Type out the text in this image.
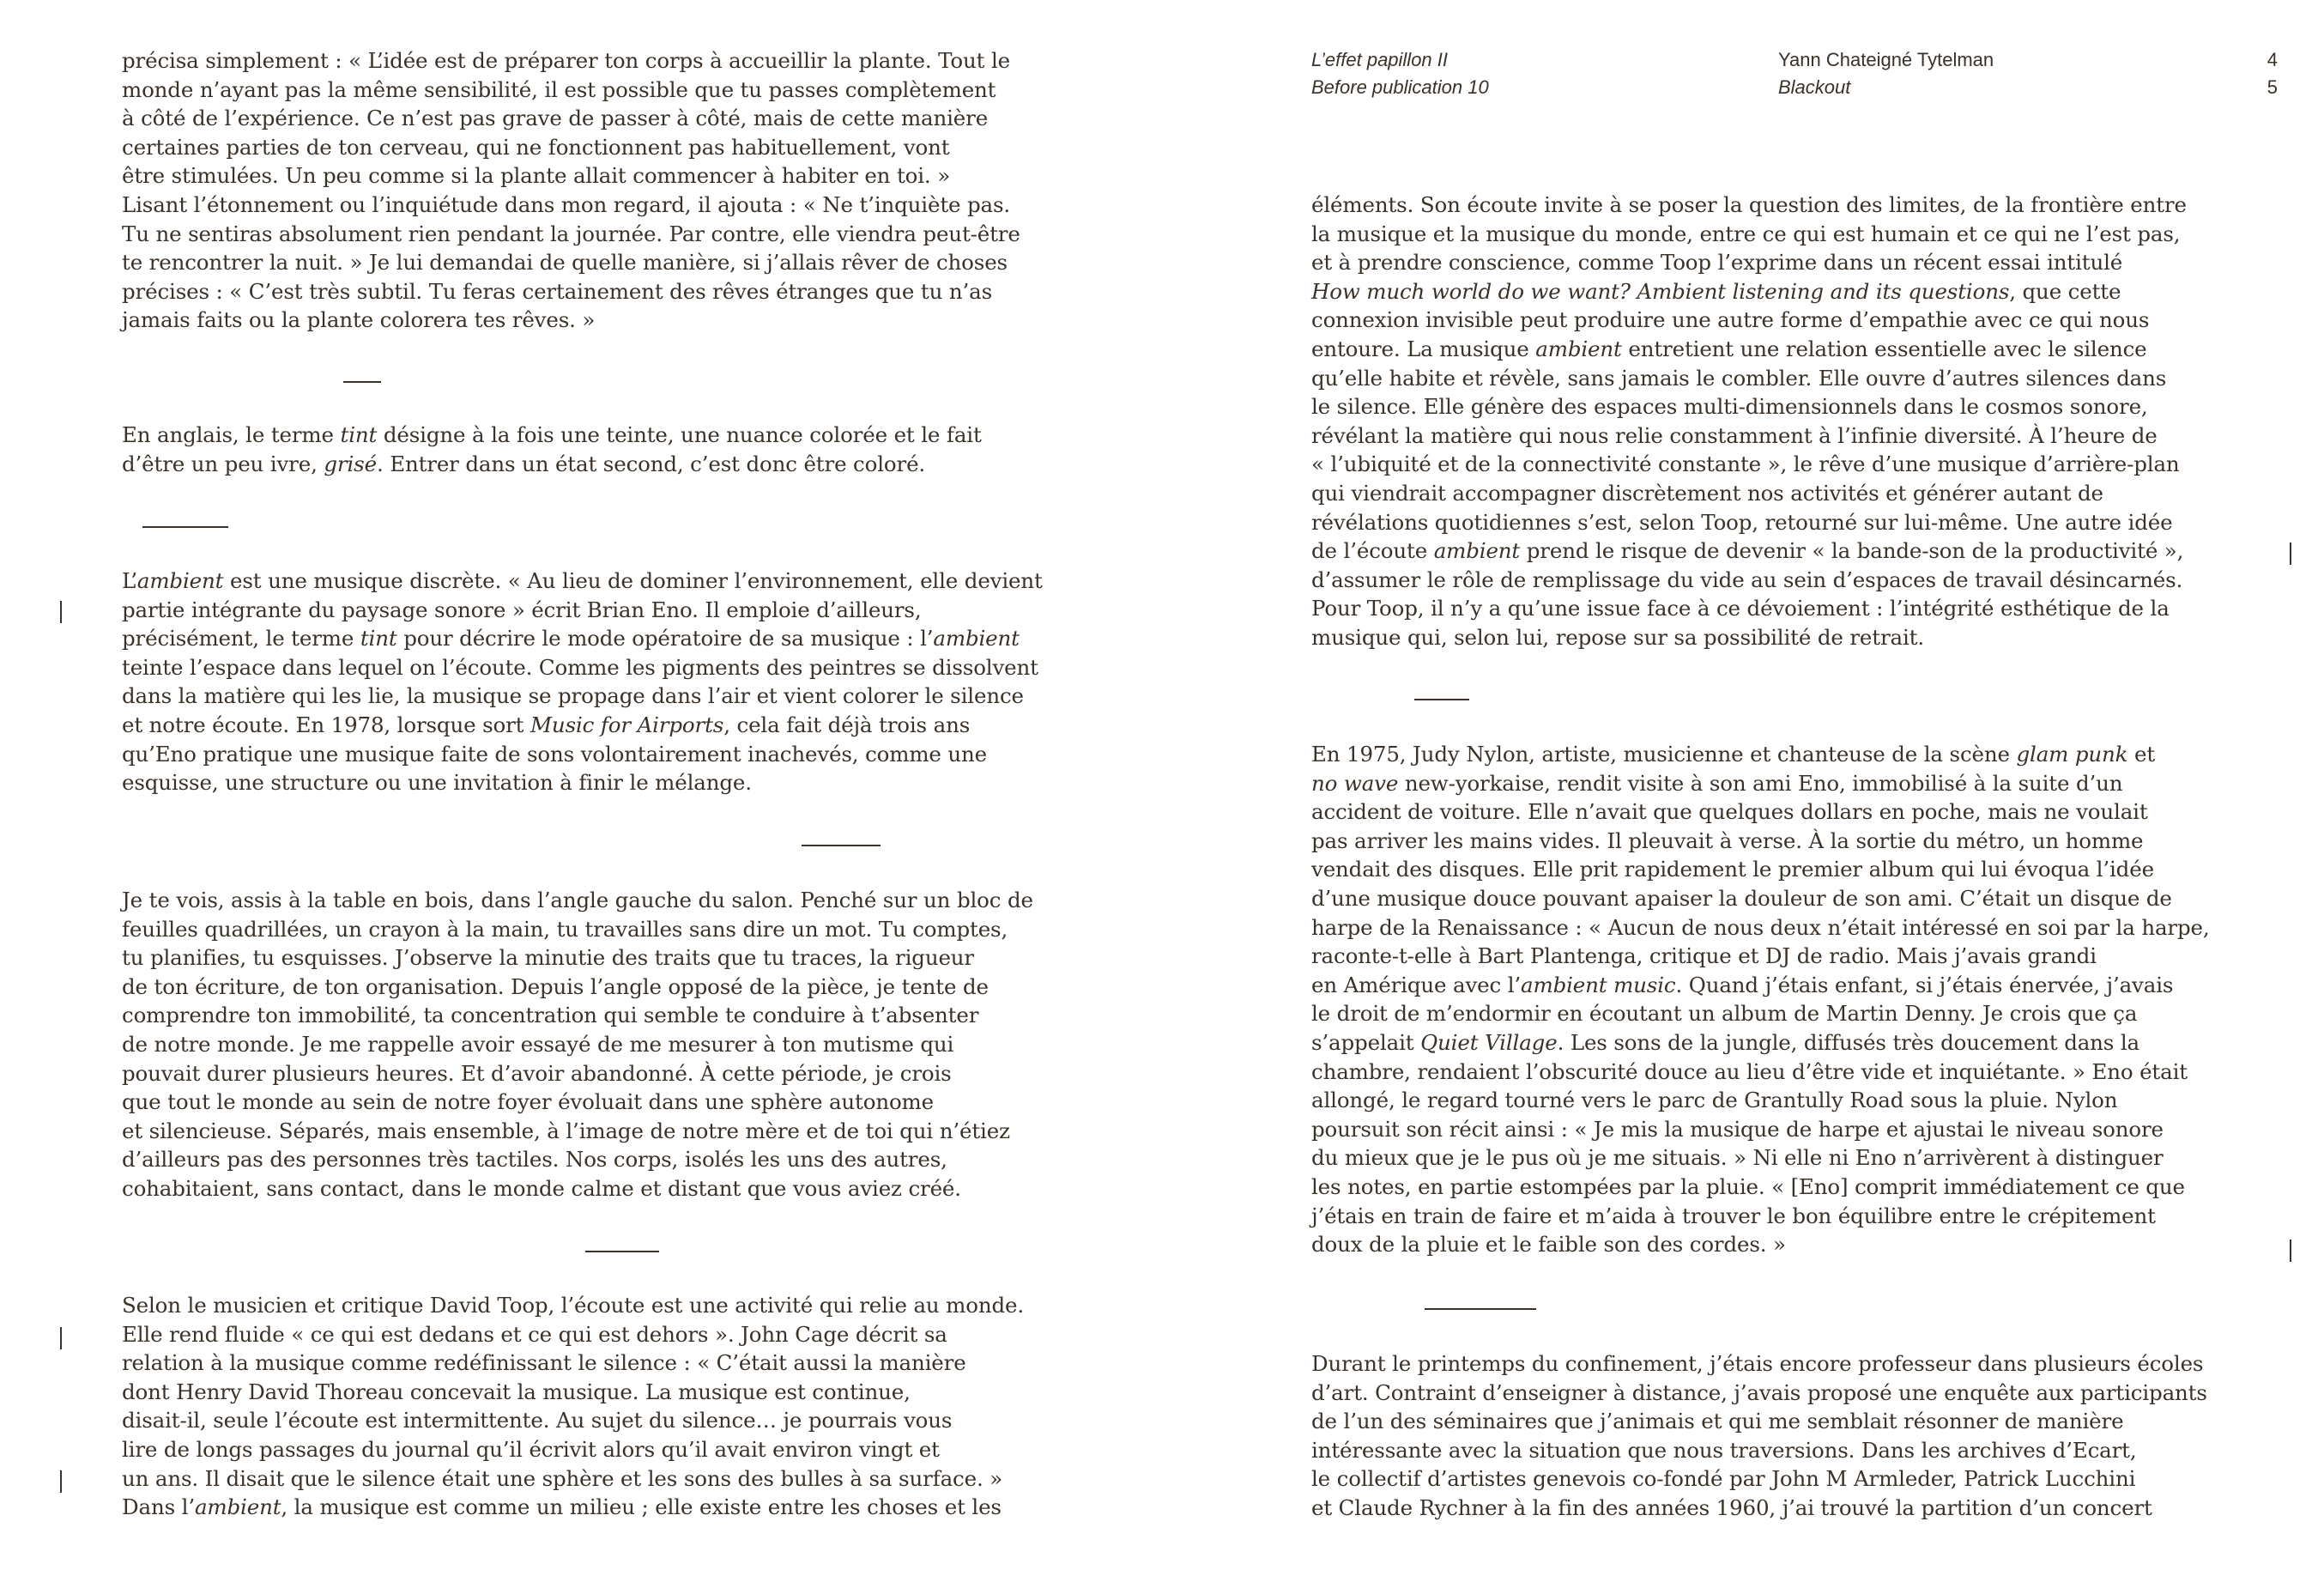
précisa simplement : « L’idée est de préparer ton corps à accueillir la plante. Tout le
monde n’ayant pas la même sensibilité, il est possible que tu passes complètement
à côté de l’expérience. Ce n’est pas grave de passer à côté, mais de cette manière
certaines parties de ton cerveau, qui ne fonctionnent pas habituellement, vont
être stimulées. Un peu comme si la plante allait commencer à habiter en toi. »
Lisant l’étonnement ou l’inquiétude dans mon regard, il ajouta : « Ne t’inquiète pas.
Tu ne sentiras absolument rien pendant la journée. Par contre, elle viendra peut-être
te rencontrer la nuit. » Je lui demandai de quelle manière, si j’allais rêver de choses
précises : « C’est très subtil. Tu feras certainement des rêves étranges que tu n’as
jamais faits ou la plante colorera tes rêves. »

En anglais, le terme tint désigne à la fois une teinte, une nuance colorée et le fait
d’être un peu ivre, grisé. Entrer dans un état second, c’est donc être coloré.

L’ambient est une musique discrète. « Au lieu de dominer l’environnement, elle devient
partie intégrante du paysage sonore » écrit Brian Eno. Il emploie d’ailleurs,
précisément, le terme tint pour décrire le mode opératoire de sa musique : l’ambient
teinte l’espace dans lequel on l’écoute. Comme les pigments des peintres se dissolvent
dans la matière qui les lie, la musique se propage dans l’air et vient colorer le silence
et notre écoute. En 1978, lorsque sort Music for Airports, cela fait déjà trois ans
qu’Eno pratique une musique faite de sons volontairement inachevés, comme une
esquisse, une structure ou une invitation à finir le mélange.

Je te vois, assis à la table en bois, dans l’angle gauche du salon. Penché sur un bloc de
feuilles quadrillées, un crayon à la main, tu travailles sans dire un mot. Tu comptes,
tu planifies, tu esquisses. J’observe la minutie des traits que tu traces, la rigueur
de ton écriture, de ton organisation. Depuis l’angle opposé de la pièce, je tente de
comprendre ton immobilité, ta concentration qui semble te conduire à t’absenter
de notre monde. Je me rappelle avoir essayé de me mesurer à ton mutisme qui
pouvait durer plusieurs heures. Et d’avoir abandonné. À cette période, je crois
que tout le monde au sein de notre foyer évoluait dans une sphère autonome
et silencieuse. Séparés, mais ensemble, à l’image de notre mère et de toi qui n’étiez
d’ailleurs pas des personnes très tactiles. Nos corps, isolés les uns des autres,
cohabitaient, sans contact, dans le monde calme et distant que vous aviez créé.

Selon le musicien et critique David Toop, l’écoute est une activité qui relie au monde.
Elle rend fluide « ce qui est dedans et ce qui est dehors ». John Cage décrit sa
relation à la musique comme redéfinissant le silence : « C’était aussi la manière
dont Henry David Thoreau concevait la musique. La musique est continue,
disait-il, seule l’écoute est intermittente. Au sujet du silence… je pourrais vous
lire de longs passages du journal qu’il écrivit alors qu’il avait environ vingt et
un ans. Il disait que le silence était une sphère et les sons des bulles à sa surface. »
Dans l’ambient, la musique est comme un milieu ; elle existe entre les choses et les

L’effet papillon II
Before publication 10

Yann Chateigné Tytelman
Blackout

4
5

éléments. Son écoute invite à se poser la question des limites, de la frontière entre
la musique et la musique du monde, entre ce qui est humain et ce qui ne l’est pas,
et à prendre conscience, comme Toop l’exprime dans un récent essai intitulé
How much world do we want? Ambient listening and its questions, que cette
connexion invisible peut produire une autre forme d’empathie avec ce qui nous
entoure. La musique ambient entretient une relation essentielle avec le silence
qu’elle habite et révèle, sans jamais le combler. Elle ouvre d’autres silences dans
le silence. Elle génère des espaces multi-dimensionnels dans le cosmos sonore,
révélant la matière qui nous relie constamment à l’infinie diversité. À l’heure de
« l’ubiquité et de la connectivité constante », le rêve d’une musique d’arrière-plan
qui viendrait accompagner discrètement nos activités et générer autant de
révélations quotidiennes s’est, selon Toop, retourné sur lui-même. Une autre idée
de l’écoute ambient prend le risque de devenir « la bande-son de la productivité »,
d’assumer le rôle de remplissage du vide au sein d’espaces de travail désincarnés.
Pour Toop, il n’y a qu’une issue face à ce dévoiement : l’intégrité esthétique de la
musique qui, selon lui, repose sur sa possibilité de retrait.

En 1975, Judy Nylon, artiste, musicienne et chanteuse de la scène glam punk et
no wave new-yorkaise, rendit visite à son ami Eno, immobilisé à la suite d’un
accident de voiture. Elle n’avait que quelques dollars en poche, mais ne voulait
pas arriver les mains vides. Il pleuvait à verse. À la sortie du métro, un homme
vendait des disques. Elle prit rapidement le premier album qui lui évoqua l’idée
d’une musique douce pouvant apaiser la douleur de son ami. C’était un disque de
harpe de la Renaissance : « Aucun de nous deux n’était intéressé en soi par la harpe,
raconte-t-elle à Bart Plantenga, critique et DJ de radio. Mais j’avais grandi
en Amérique avec l’ambient music. Quand j’étais enfant, si j’étais énervée, j’avais
le droit de m’endormir en écoutant un album de Martin Denny. Je crois que ça
s’appelait Quiet Village. Les sons de la jungle, diffusés très doucement dans la
chambre, rendaient l’obscurité douce au lieu d’être vide et inquiétante. » Eno était
allongé, le regard tourné vers le parc de Grantully Road sous la pluie. Nylon
poursuit son récit ainsi : « Je mis la musique de harpe et ajustai le niveau sonore
du mieux que je le pus où je me situais. » Ni elle ni Eno n’arrivèrent à distinguer
les notes, en partie estompées par la pluie. « [Eno] comprit immédiatement ce que
j’étais en train de faire et m’aida à trouver le bon équilibre entre le crépitement
doux de la pluie et le faible son des cordes. »

Durant le printemps du confinement, j’étais encore professeur dans plusieurs écoles
d’art. Contraint d’enseigner à distance, j’avais proposé une enquête aux participants
de l’un des séminaires que j’animais et qui me semblait résonner de manière
intéressante avec la situation que nous traversions. Dans les archives d’Ecart,
le collectif d’artistes genevois co-fondé par John M Armleder, Patrick Lucchini
et Claude Rychner à la fin des années 1960, j’ai trouvé la partition d’un concert
